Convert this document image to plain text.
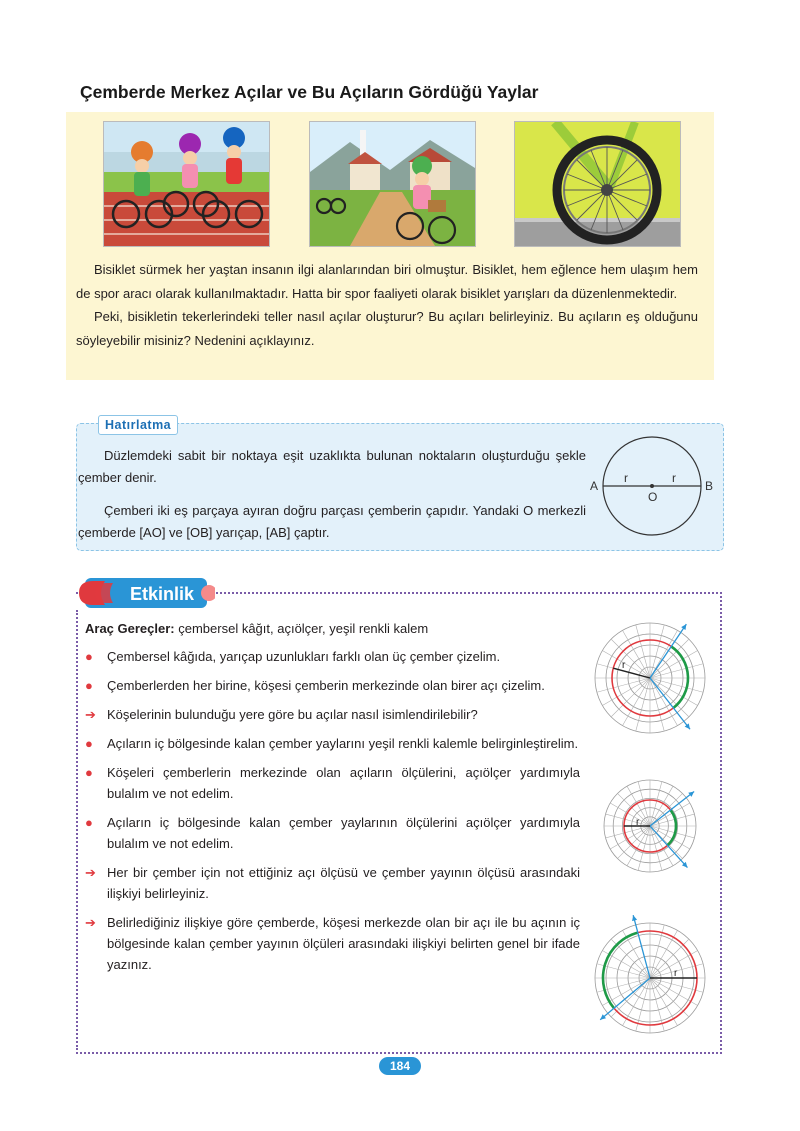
Çemberde Merkez Açılar ve Bu Açıların Gördüğü Yaylar

Bisiklet sürmek her yaştan insanın ilgi alanlarından biri olmuştur. Bisiklet, hem eğlence hem ulaşım hem de spor aracı olarak kullanılmaktadır. Hatta bir spor faaliyeti olarak bisiklet yarışları da düzenlenmektedir.

Peki, bisikletin tekerlerindeki teller nasıl açılar oluşturur? Bu açıları belirleyiniz. Bu açıların eş olduğunu söyleyebilir misiniz? Nedenini açıklayınız.

Hatırlatma

Düzlemdeki sabit bir noktaya eşit uzaklıkta bulunan noktaların oluşturduğu şekle çember denir.

Çemberi iki eş parçaya ayıran doğru parçası çemberin çapıdır. Yandaki O merkezli çemberde [AO] ve [OB] yarıçap, [AB] çaptır.

A	B
O
r	r
Etkinlik
Araç Gereçler: çembersel kâğıt, açıölçer, yeşil renkli kalem
● Çembersel kâğıda, yarıçap uzunlukları farklı olan üç çember çizelim.
● Çemberlerden her birine, köşesi çemberin merkezinde olan birer açı çizelim.
➔ Köşelerinin bulunduğu yere göre bu açılar nasıl isimlendirilebilir?
● Açıların iç bölgesinde kalan çember yaylarını yeşil renkli kalemle belirginleştirelim.
● Köşeleri çemberlerin merkezinde olan açıların ölçülerini, açıölçer yardımıyla bulalım ve not edelim.
● Açıların iç bölgesinde kalan çember yaylarının ölçülerini açıölçer yardımıyla bulalım ve not edelim.
➔ Her bir çember için not ettiğiniz açı ölçüsü ve çember yayının ölçüsü arasındaki ilişkiyi belirleyiniz.
➔ Belirlediğiniz ilişkiye göre çemberde, köşesi merkezde olan bir açı ile bu açının iç bölgesinde kalan çember yayının ölçüleri arasındaki ilişkiyi belirten genel bir ifade yazınız.
r
r
r
184
